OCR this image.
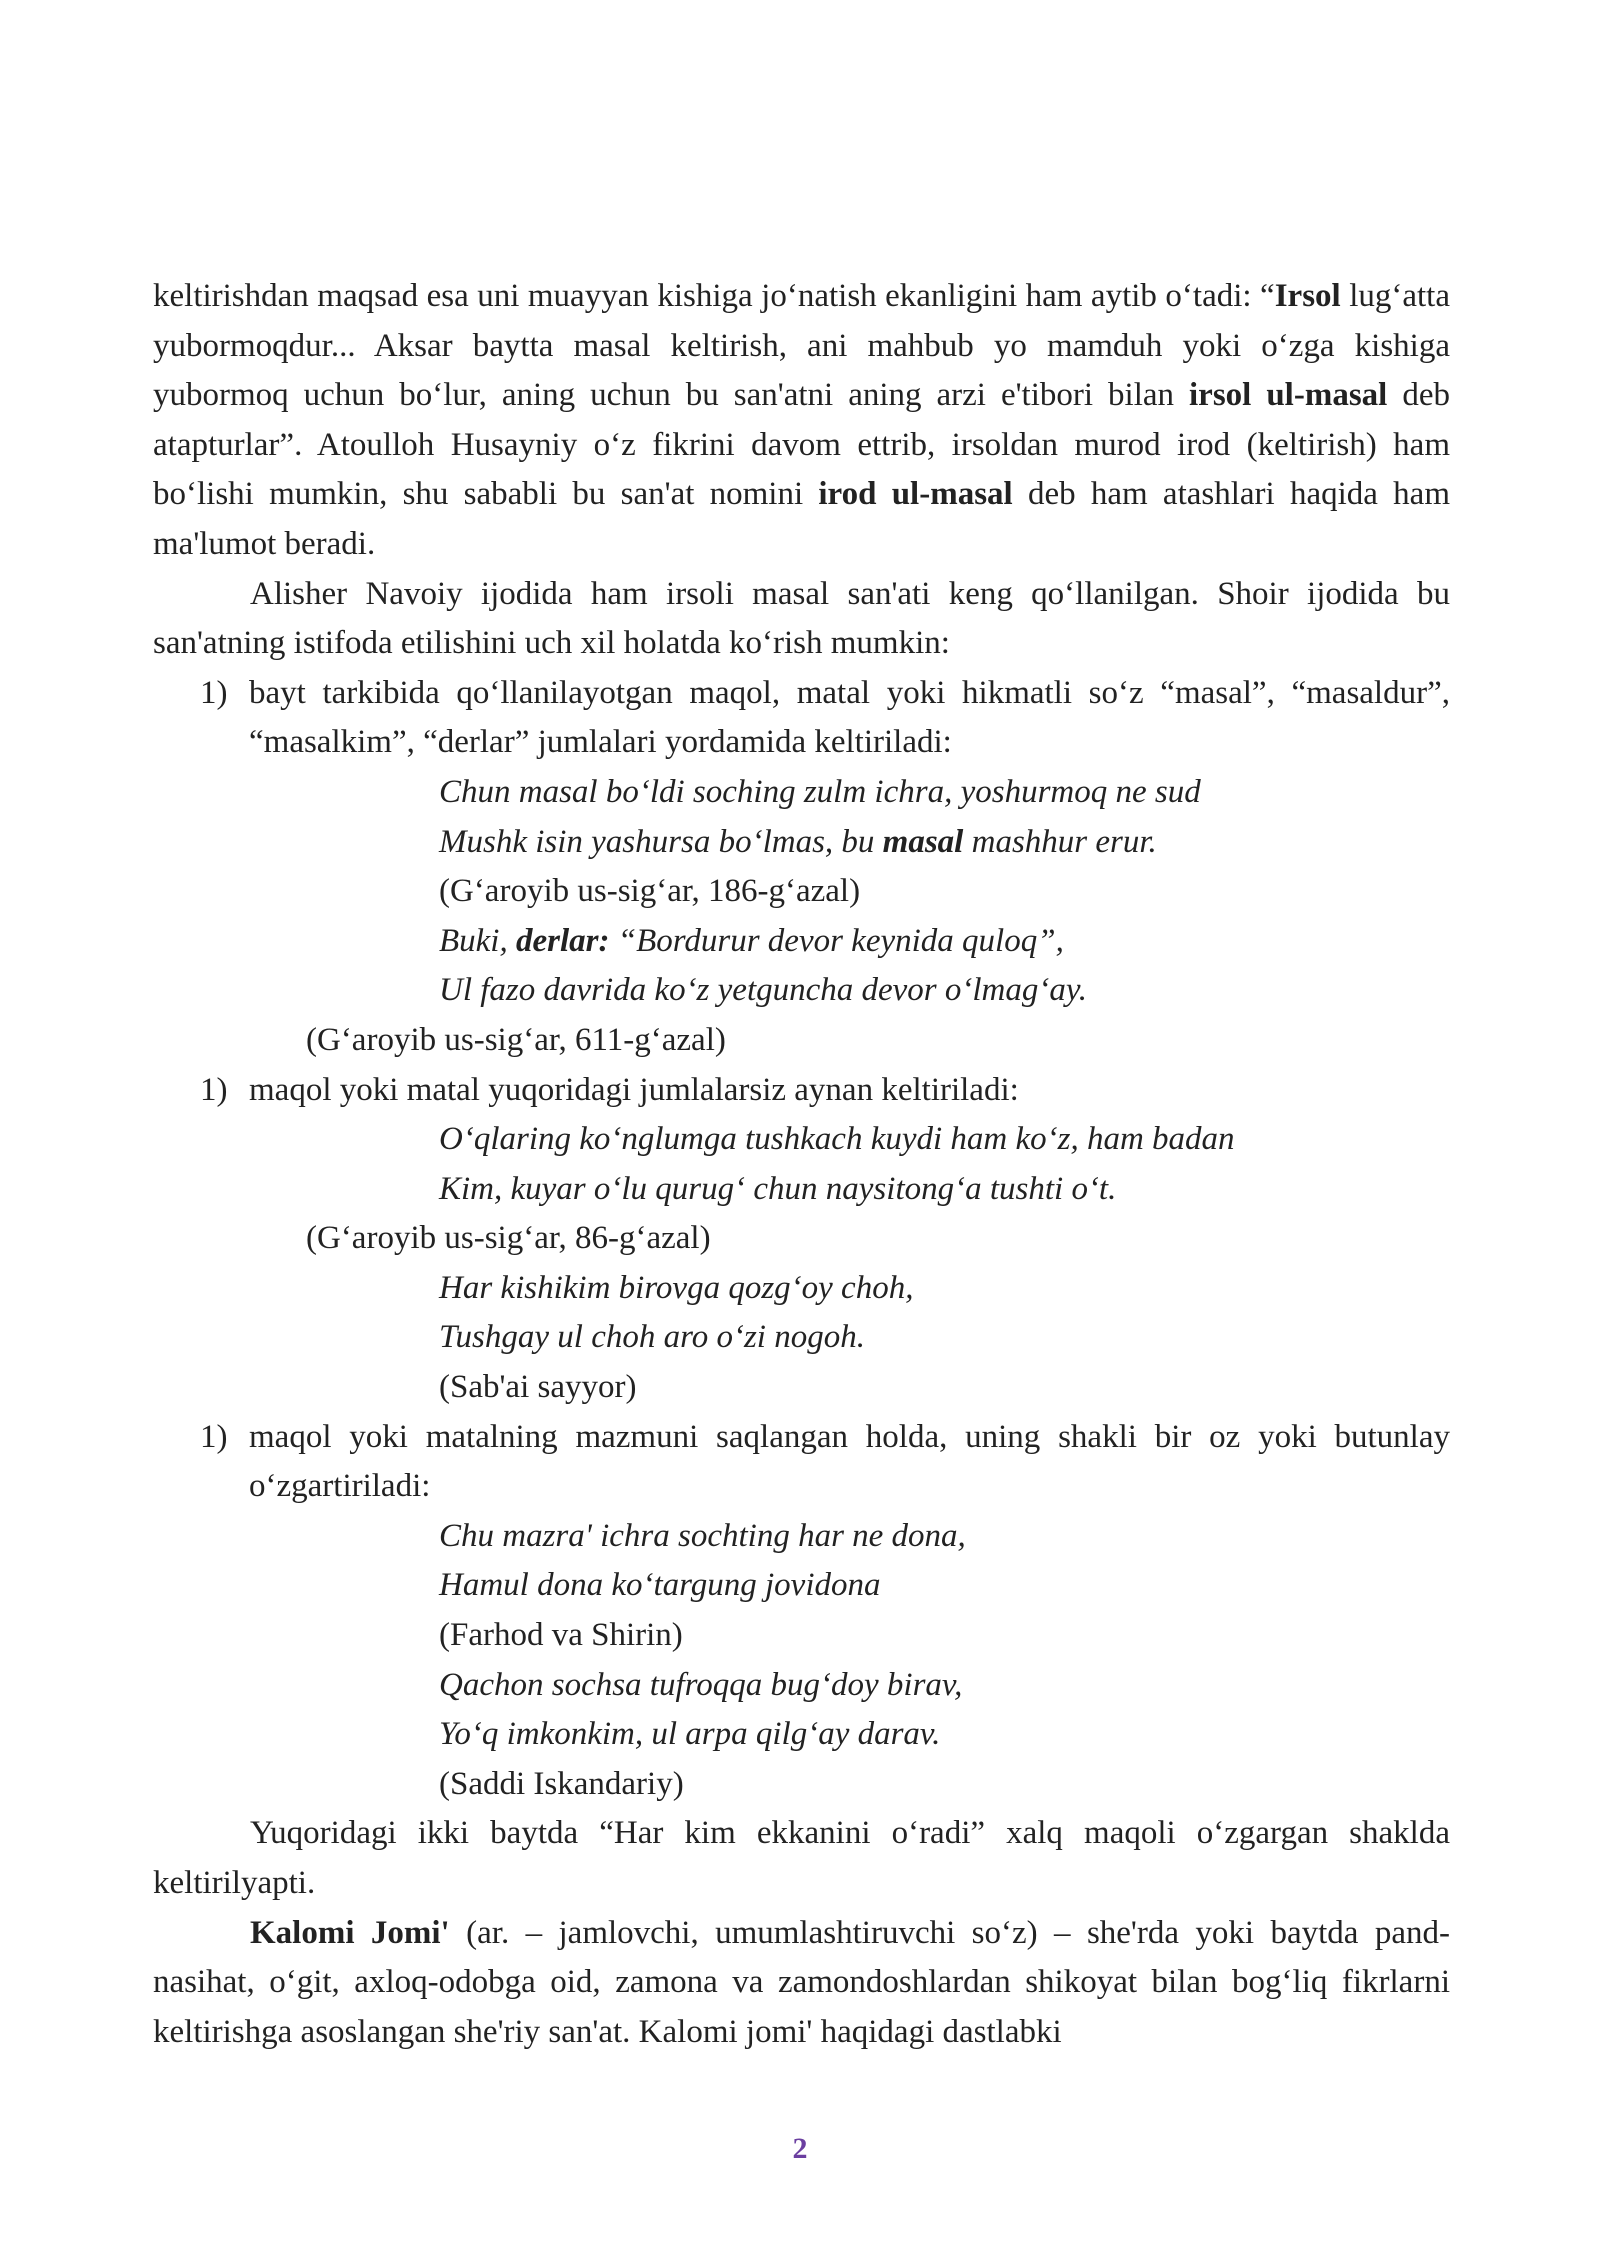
keltirishdan maqsad esa uni muayyan kishiga jo‘natish ekanligini ham aytib o‘tadi: “Irsol lug‘atta yubormoqdur... Aksar baytta masal keltirish, ani mahbub yo mamduh yoki o‘zga kishiga yubormoq uchun bo‘lur, aning uchun bu san'atni aning arzi e'tibori bilan irsol ul-masal deb atapturlar”. Atoulloh Husayniy o‘z fikrini davom ettrib, irsoldan murod irod (keltirish) ham bo‘lishi mumkin, shu sababli bu san'at nomini irod ul-masal deb ham atashlari haqida ham ma'lumot beradi.

Alisher Navoiy ijodida ham irsoli masal san'ati keng qo‘llanilgan. Shoir ijodida bu san'atning istifoda etilishini uch xil holatda ko‘rish mumkin:

1) bayt tarkibida qo‘llanilayotgan maqol, matal yoki hikmatli so‘z “masal”, “masaldur”, “masalkim”, “derlar” jumlalari yordamida keltiriladi:
Chun masal bo‘ldi soching zulm ichra, yoshurmoq ne sud
Mushk isin yashursa bo‘lmas, bu masal mashhur erur.
(G‘aroyib us-sig‘ar, 186-g‘azal)
Buki, derlar: “Bordurur devor keynida quloq”,
Ul fazo davrida ko‘z yetguncha devor o‘lmag‘ay.
(G‘aroyib us-sig‘ar, 611-g‘azal)
1) maqol yoki matal yuqoridagi jumlalarsiz aynan keltiriladi:
O‘qlaring ko‘nglumga tushkach kuydi ham ko‘z, ham badan
Kim, kuyar o‘lu qurug‘ chun naysitong‘a tushti o‘t.
(G‘aroyib us-sig‘ar, 86-g‘azal)
Har kishikim birovga qozg‘oy choh,
Tushgay ul choh aro o‘zi nogoh.
(Sab'ai sayyor)
1) maqol yoki matalning mazmuni saqlangan holda, uning shakli bir oz yoki butunlay o‘zgartiriladi:
Chu mazra' ichra sochting har ne dona,
Hamul dona ko‘targung jovidona
(Farhod va Shirin)
Qachon sochsa tufroqqa bug‘doy birav,
Yo‘q imkonkim, ul arpa qilg‘ay darav.
(Saddi Iskandariy)

Yuqoridagi ikki baytda “Har kim ekkanini o‘radi” xalq maqoli o‘zgargan shaklda keltirilyapti.

Kalomi Jomi' (ar. – jamlovchi, umumlashtiruvchi so‘z) – she'rda yoki baytda pand-nasihat, o‘git, axloq-odobga oid, zamona va zamondoshlardan shikoyat bilan bog‘liq fikrlarni keltirishga asoslangan she'riy san'at. Kalomi jomi' haqidagi dastlabki

2
